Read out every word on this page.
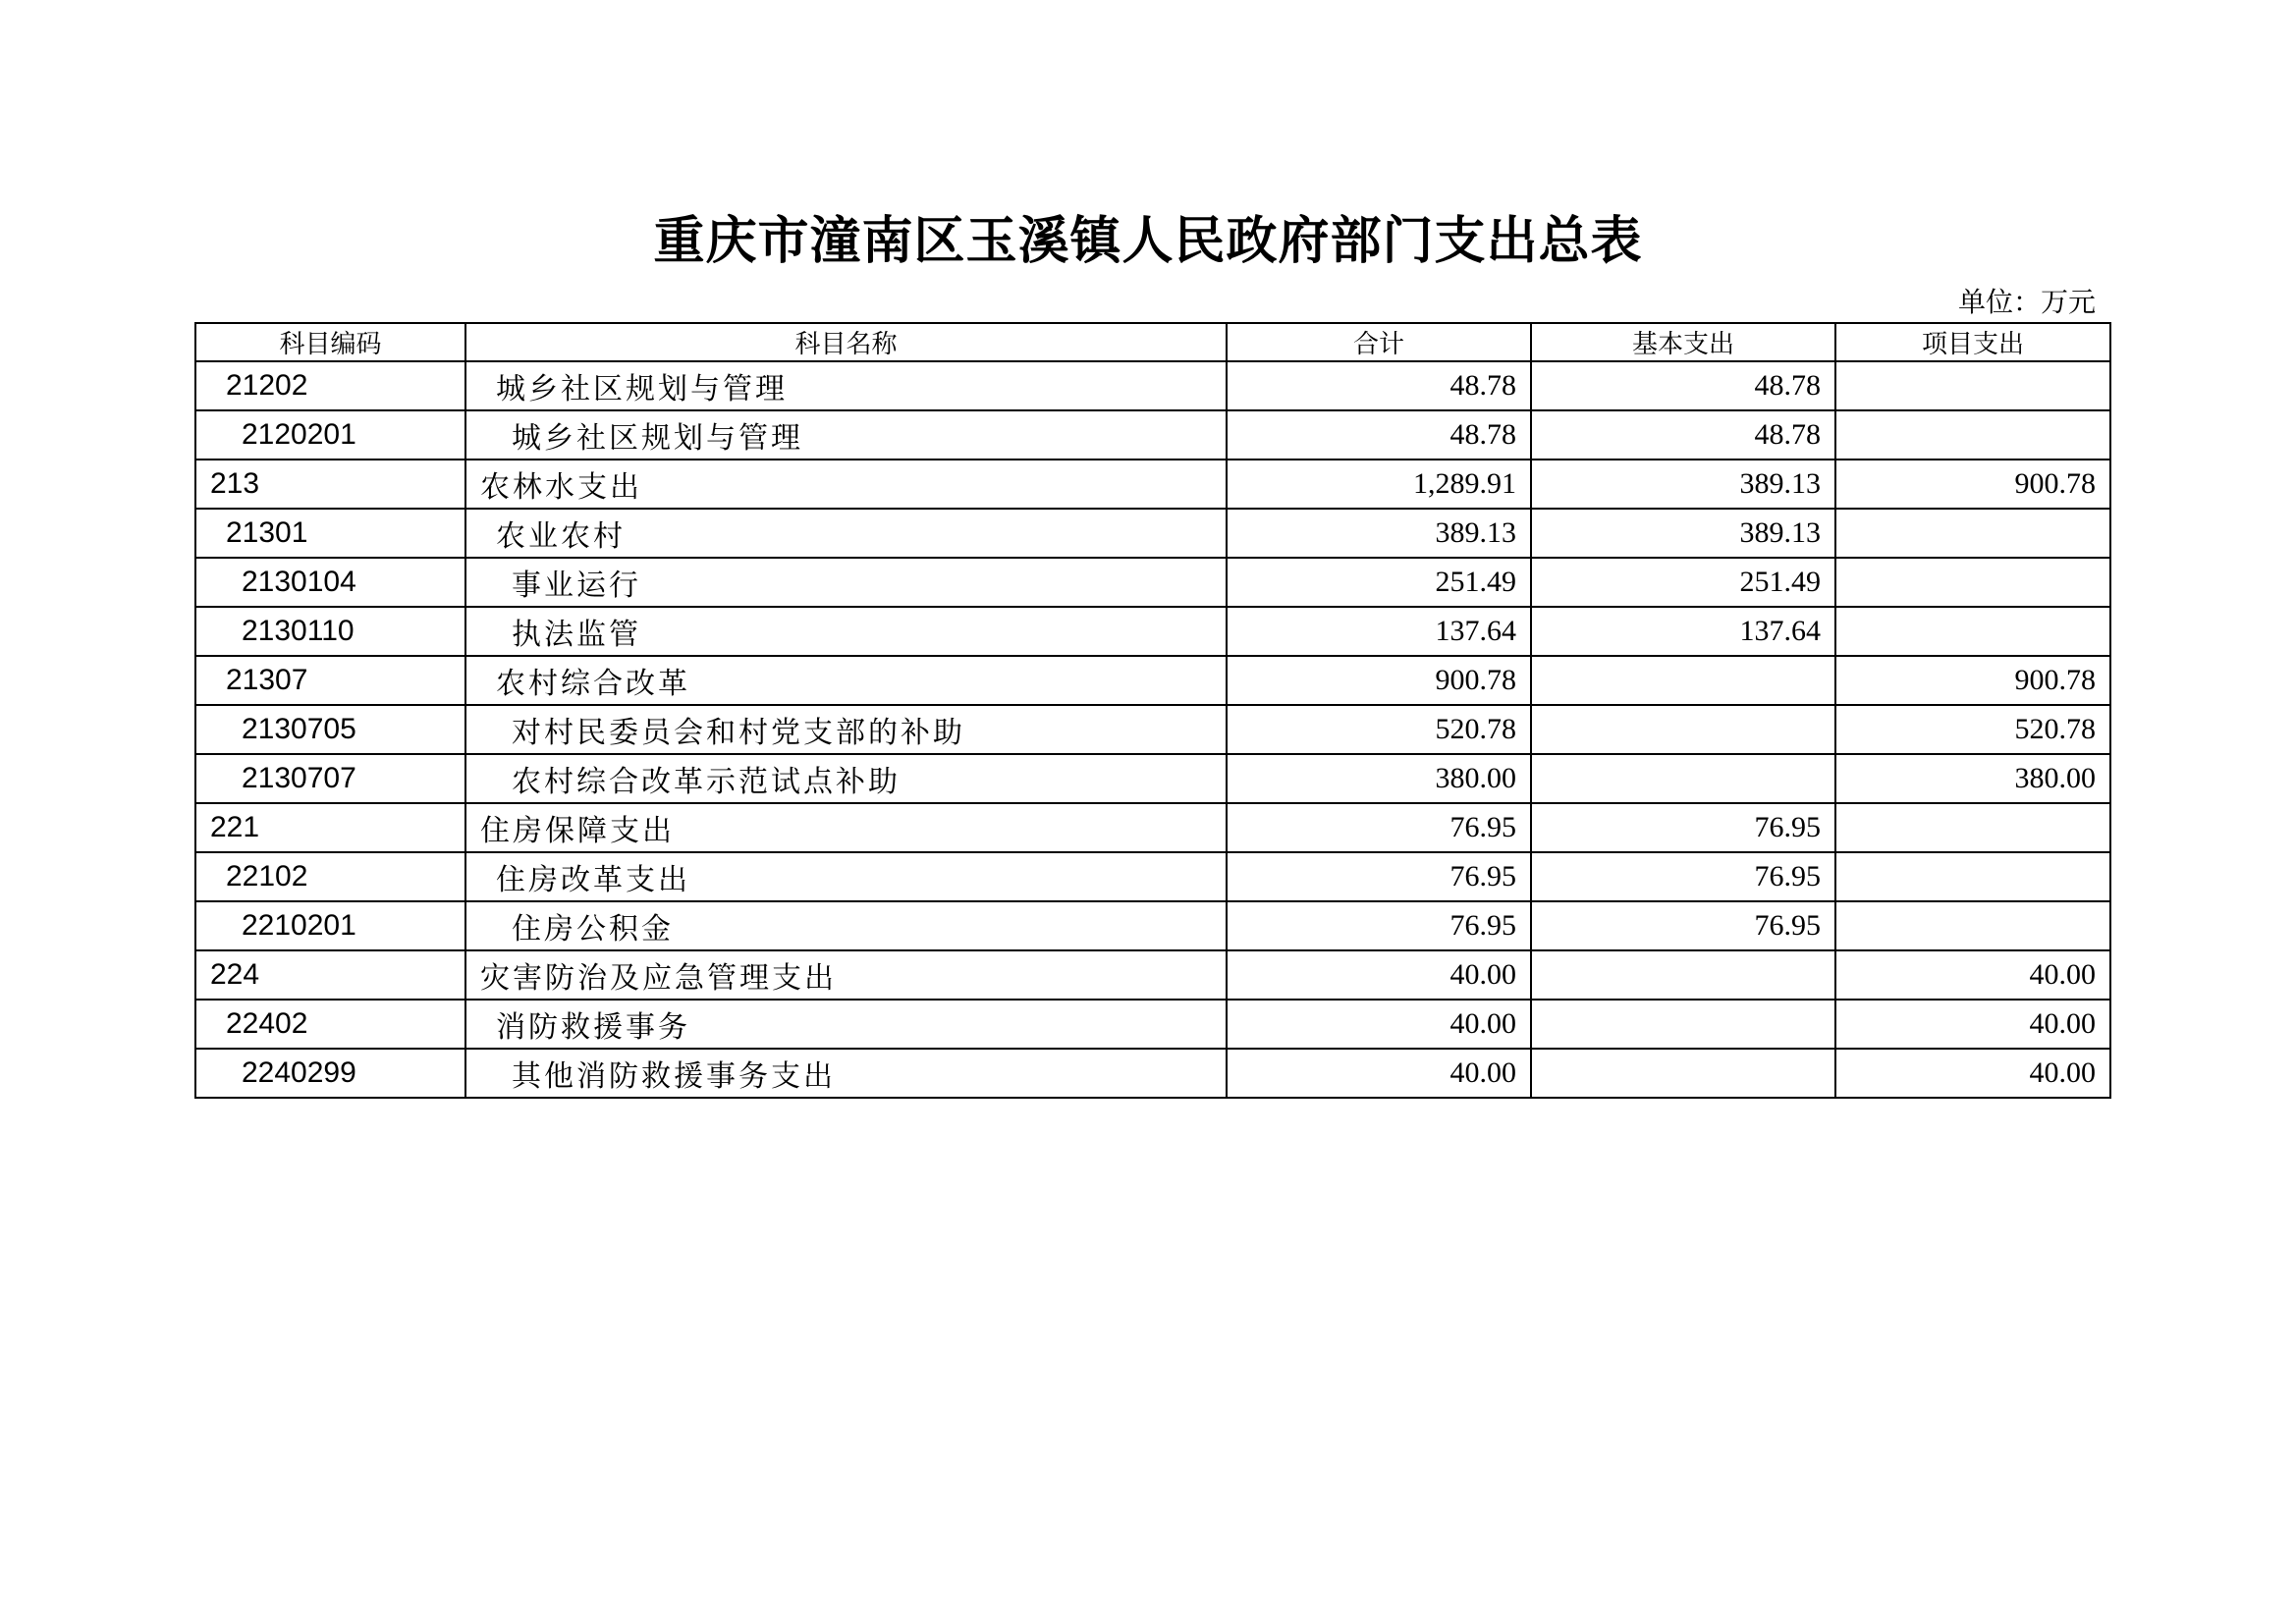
重庆市潼南区玉溪镇人民政府部门支出总表
单位：万元
科目编码	科目名称	合计	基本支出	项目支出
21202	城乡社区规划与管理	48.78	48.78	
2120201	城乡社区规划与管理	48.78	48.78	
213	农林水支出	1,289.91	389.13	900.78
21301	农业农村	389.13	389.13	
2130104	事业运行	251.49	251.49	
2130110	执法监管	137.64	137.64	
21307	农村综合改革	900.78		900.78
2130705	对村民委员会和村党支部的补助	520.78		520.78
2130707	农村综合改革示范试点补助	380.00		380.00
221	住房保障支出	76.95	76.95	
22102	住房改革支出	76.95	76.95	
2210201	住房公积金	76.95	76.95	
224	灾害防治及应急管理支出	40.00		40.00
22402	消防救援事务	40.00		40.00
2240299	其他消防救援事务支出	40.00		40.00
